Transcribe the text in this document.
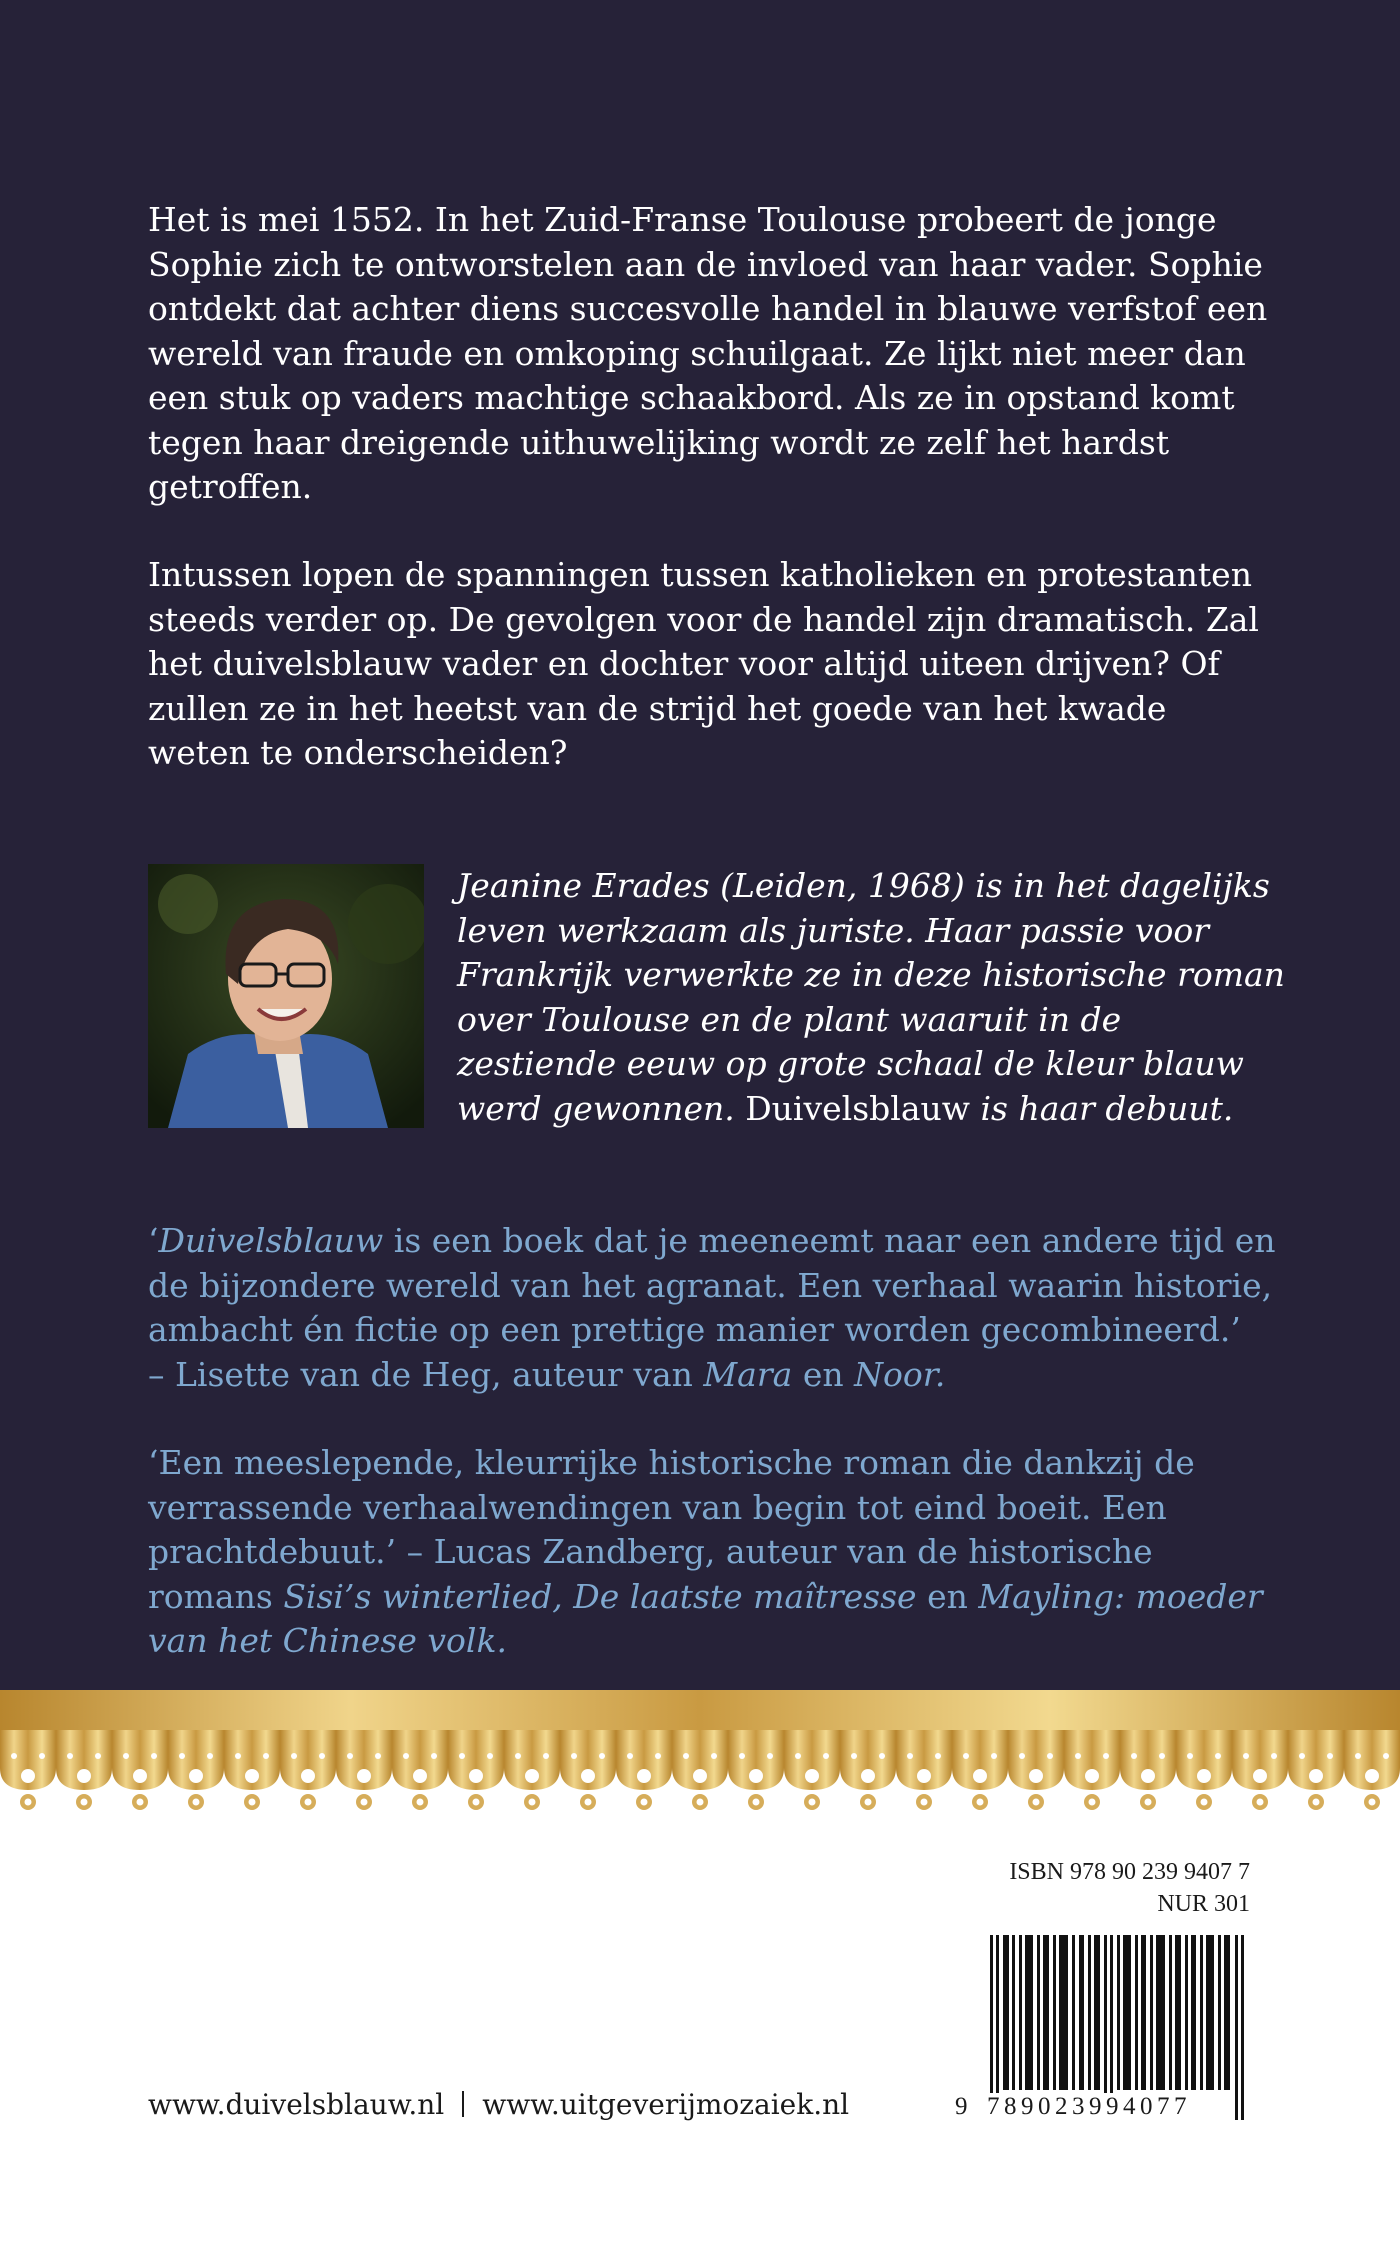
Het is mei 1552. In het Zuid-Franse Toulouse probeert de jonge Sophie zich te ontworstelen aan de invloed van haar vader. Sophie ontdekt dat achter diens succesvolle handel in blauwe verfstof een wereld van fraude en omkoping schuilgaat. Ze lijkt niet meer dan een stuk op vaders machtige schaakbord. Als ze in opstand komt tegen haar dreigende uithuwelijking wordt ze zelf het hardst getroffen.

Intussen lopen de spanningen tussen katholieken en protestanten steeds verder op. De gevolgen voor de handel zijn dramatisch. Zal het duivelsblauw vader en dochter voor altijd uiteen drijven? Of zullen ze in het heetst van de strijd het goede van het kwade weten te onderscheiden?

Jeanine Erades (Leiden, 1968) is in het dagelijks leven werkzaam als juriste. Haar passie voor Frankrijk verwerkte ze in deze historische roman over Toulouse en de plant waaruit in de zestiende eeuw op grote schaal de kleur blauw werd gewonnen. Duivelsblauw is haar debuut.

‘Duivelsblauw is een boek dat je meeneemt naar een andere tijd en de bijzondere wereld van het agranat. Een verhaal waarin historie, ambacht én fictie op een prettige manier worden gecombineerd.’
– Lisette van de Heg, auteur van Mara en Noor.

‘Een meeslepende, kleurrijke historische roman die dankzij de verrassende verhaalwendingen van begin tot eind boeit. Een prachtdebuut.’ – Lucas Zandberg, auteur van de historische romans Sisi’s winterlied, De laatste maîtresse en Mayling: moeder van het Chinese volk.

ISBN 978 90 239 9407 7
NUR 301
9 789023994077
www.duivelsblauw.nl www.uitgeverijmozaiek.nl
